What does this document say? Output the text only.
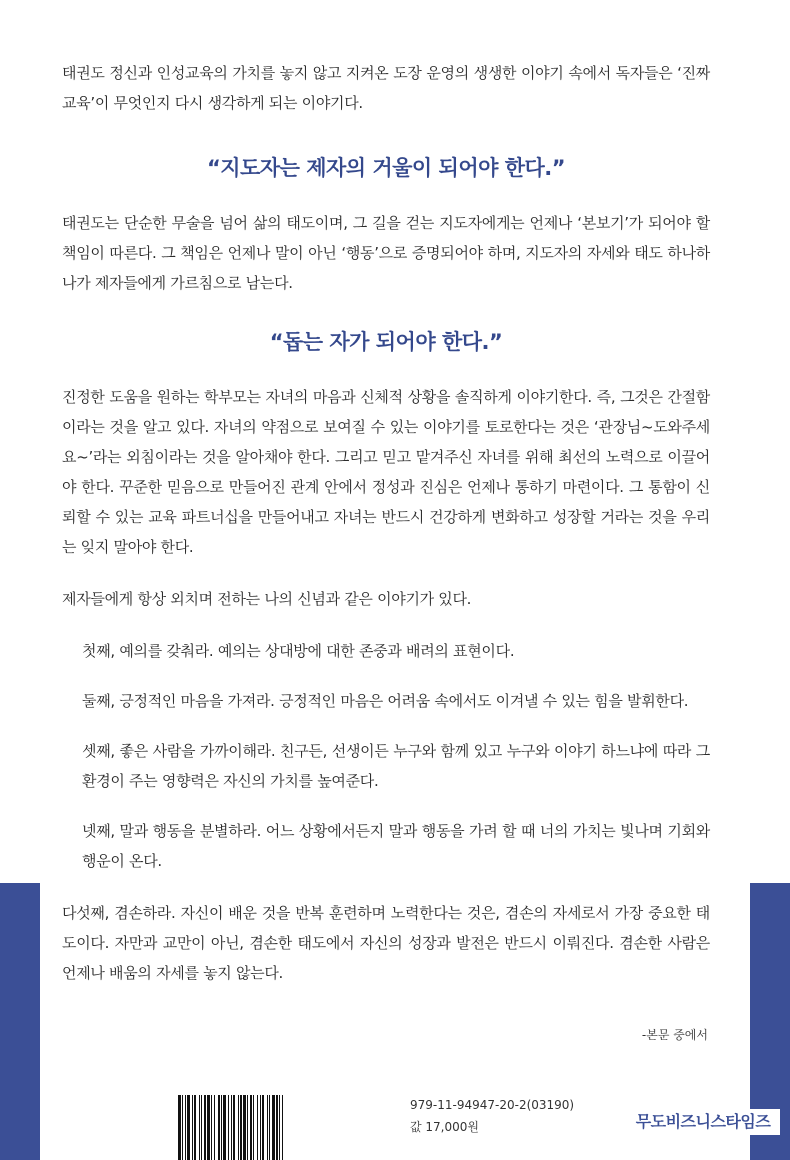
태권도 정신과 인성교육의 가치를 놓지 않고 지켜온 도장 운영의 생생한 이야기 속에서 독자들은 ‘진짜 교육’이 무엇인지 다시 생각하게 되는 이야기다.

“지도자는 제자의 거울이 되어야 한다.”

태권도는 단순한 무술을 넘어 삶의 태도이며, 그 길을 걷는 지도자에게는 언제나 ‘본보기’가 되어야 할 책임이 따른다. 그 책임은 언제나 말이 아닌 ‘행동’으로 증명되어야 하며, 지도자의 자세와 태도 하나하나가 제자들에게 가르침으로 남는다.

“돕는 자가 되어야 한다.”

진정한 도움을 원하는 학부모는 자녀의 마음과 신체적 상황을 솔직하게 이야기한다. 즉, 그것은 간절함이라는 것을 알고 있다. 자녀의 약점으로 보여질 수 있는 이야기를 토로한다는 것은 ‘관장님~도와주세요~’라는 외침이라는 것을 알아채야 한다. 그리고 믿고 맡겨주신 자녀를 위해 최선의 노력으로 이끌어야 한다. 꾸준한 믿음으로 만들어진 관계 안에서 정성과 진심은 언제나 통하기 마련이다. 그 통함이 신뢰할 수 있는 교육 파트너십을 만들어내고 자녀는 반드시 건강하게 변화하고 성장할 거라는 것을 우리는 잊지 말아야 한다.

제자들에게 항상 외치며 전하는 나의 신념과 같은 이야기가 있다.

첫째, 예의를 갖춰라. 예의는 상대방에 대한 존중과 배려의 표현이다.

둘째, 긍정적인 마음을 가져라. 긍정적인 마음은 어려움 속에서도 이겨낼 수 있는 힘을 발휘한다.

셋째, 좋은 사람을 가까이해라. 친구든, 선생이든 누구와 함께 있고 누구와 이야기 하느냐에 따라 그 환경이 주는 영향력은 자신의 가치를 높여준다.

넷째, 말과 행동을 분별하라. 어느 상황에서든지 말과 행동을 가려 할 때 너의 가치는 빛나며 기회와 행운이 온다.

다섯째, 겸손하라. 자신이 배운 것을 반복 훈련하며 노력한다는 것은, 겸손의 자세로서 가장 중요한 태도이다. 자만과 교만이 아닌, 겸손한 태도에서 자신의 성장과 발전은 반드시 이뤄진다. 겸손한 사람은 언제나 배움의 자세를 놓지 않는다.

-본문 중에서
979-11-94947-20-2(03190)
값 17,000원	무도비즈니스타임즈
